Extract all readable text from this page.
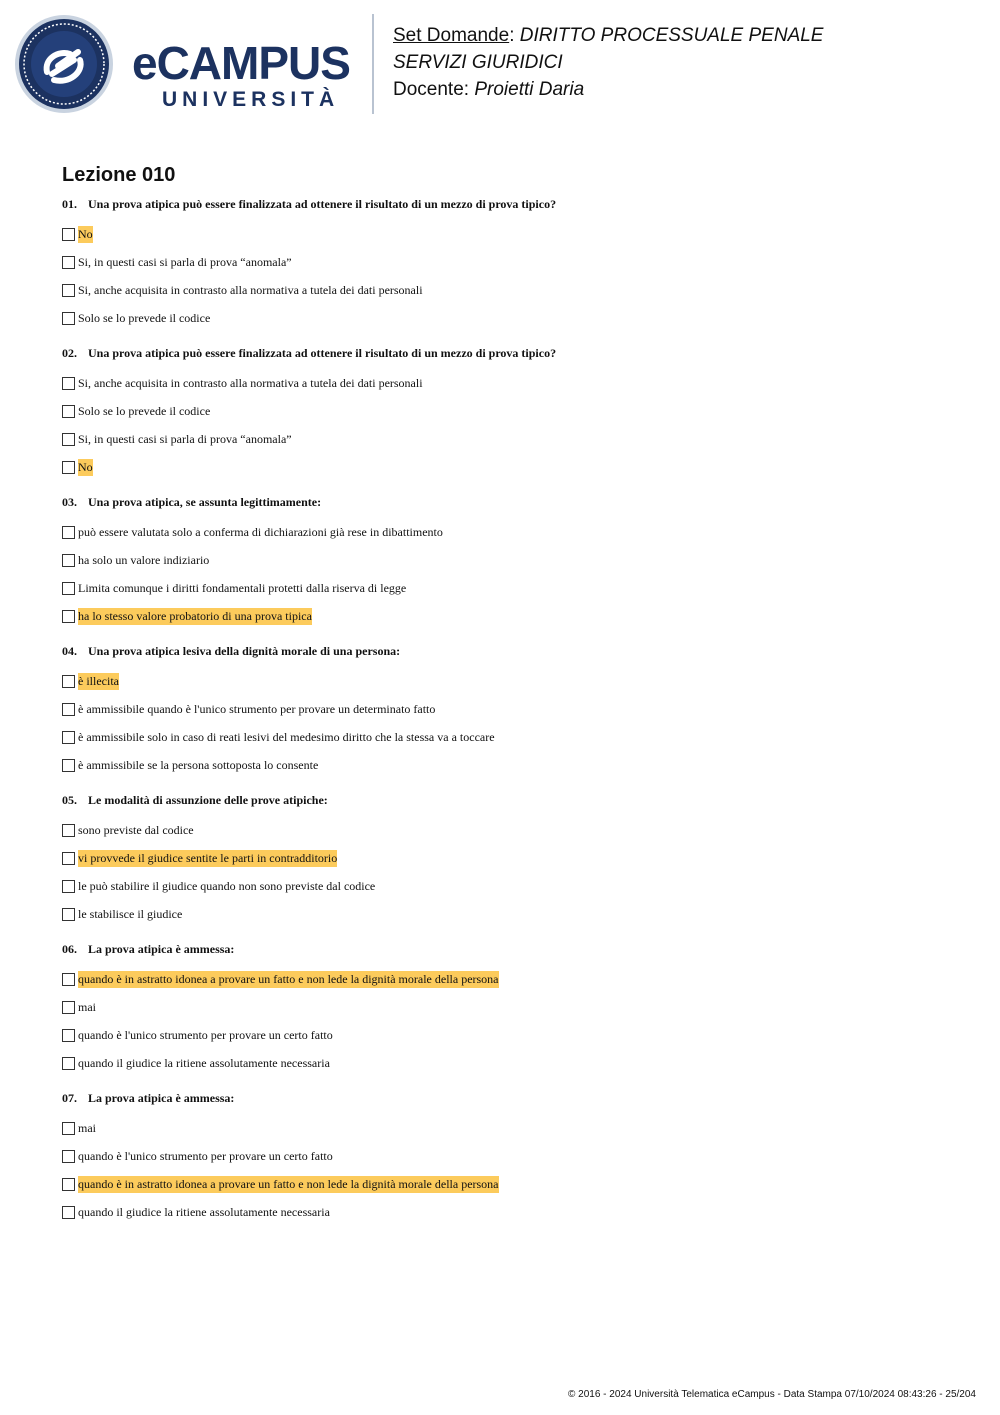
eCAMPUS
UNIVERSITÀ
Set Domande: DIRITTO PROCESSUALE PENALE
SERVIZI GIURIDICI
Docente: Proietti Daria
Lezione 010
01. Una prova atipica può essere finalizzata ad ottenere il risultato di un mezzo di prova tipico?
No
Si, in questi casi si parla di prova “anomala”
Si, anche acquisita in contrasto alla normativa a tutela dei dati personali
Solo se lo prevede il codice
02. Una prova atipica può essere finalizzata ad ottenere il risultato di un mezzo di prova tipico?
Si, anche acquisita in contrasto alla normativa a tutela dei dati personali
Solo se lo prevede il codice
Si, in questi casi si parla di prova “anomala”
No
03. Una prova atipica, se assunta legittimamente:
può essere valutata solo a conferma di dichiarazioni già rese in dibattimento
ha solo un valore indiziario
Limita comunque i diritti fondamentali protetti dalla riserva di legge
ha lo stesso valore probatorio di una prova tipica
04. Una prova atipica lesiva della dignità morale di una persona:
è illecita
è ammissibile quando è l'unico strumento per provare un determinato fatto
è ammissibile solo in caso di reati lesivi del medesimo diritto che la stessa va a toccare
è ammissibile se la persona sottoposta lo consente
05. Le modalità di assunzione delle prove atipiche:
sono previste dal codice
vi provvede il giudice sentite le parti in contradditorio
le può stabilire il giudice quando non sono previste dal codice
le stabilisce il giudice
06. La prova atipica è ammessa:
quando è in astratto idonea a provare un fatto e non lede la dignità morale della persona
mai
quando è l'unico strumento per provare un certo fatto
quando il giudice la ritiene assolutamente necessaria
07. La prova atipica è ammessa:
mai
quando è l'unico strumento per provare un certo fatto
quando è in astratto idonea a provare un fatto e non lede la dignità morale della persona
quando il giudice la ritiene assolutamente necessaria
© 2016 - 2024 Università Telematica eCampus - Data Stampa 07/10/2024 08:43:26 - 25/204
